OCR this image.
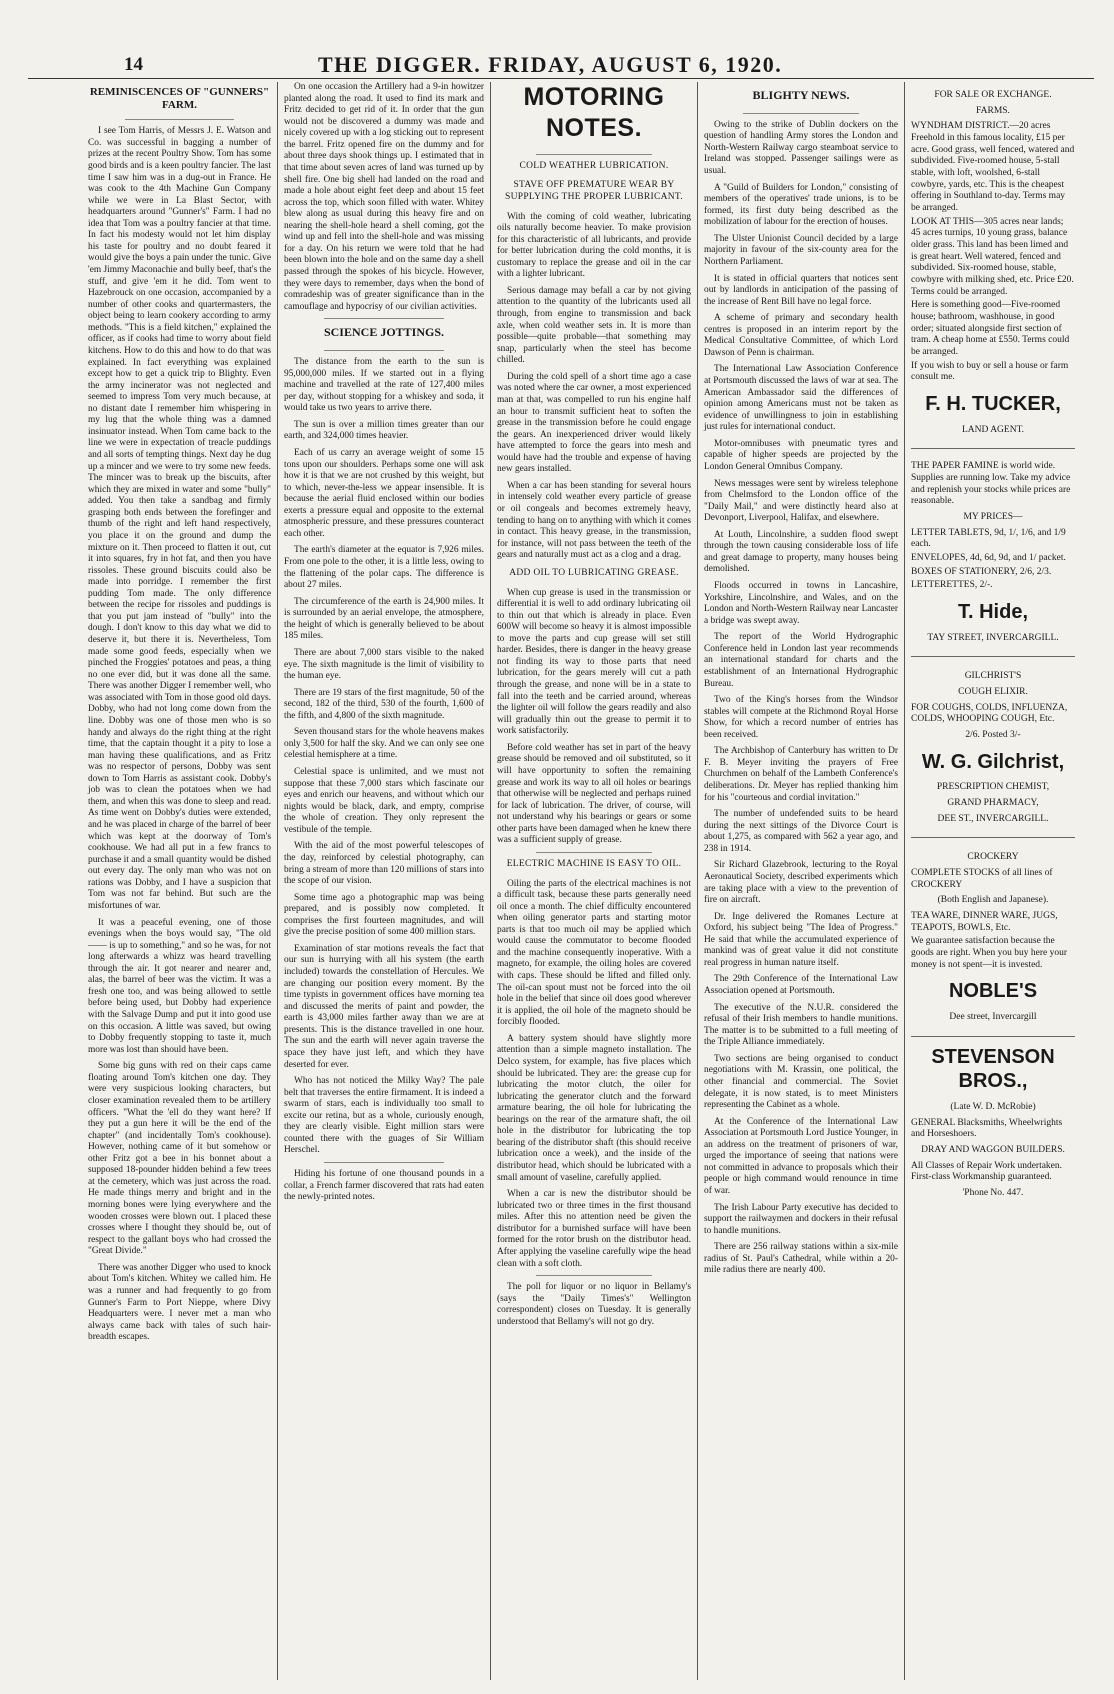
14	THE DIGGER. FRIDAY, AUGUST 6, 1920.
REMINISCENCES OF "GUNNERS" FARM.

I see Tom Harris, of Messrs J. E. Watson and Co. was successful in bagging a number of prizes at the recent Poultry Show. Tom has some good birds and is a keen poultry fancier. The last time I saw him was in a dug-out in France. He was cook to the 4th Machine Gun Company while we were in La Blast Sector, with headquarters around "Gunner's" Farm. I had no idea that Tom was a poultry fancier at that time. In fact his modesty would not let him display his taste for poultry and no doubt feared it would give the boys a pain under the tunic. Give 'em Jimmy Maconachie and bully beef, that's the stuff, and give 'em it he did. Tom went to Hazebrouck on one occasion, accompanied by a number of other cooks and quartermasters, the object being to learn cookery according to army methods. "This is a field kitchen," explained the officer, as if cooks had time to worry about field kitchens. How to do this and how to do that was explained. In fact everything was explained except how to get a quick trip to Blighty. Even the army incinerator was not neglected and seemed to impress Tom very much because, at no distant date I remember him whispering in my lug that the whole thing was a damned insinuator instead. When Tom came back to the line we were in expectation of treacle puddings and all sorts of tempting things. Next day he dug up a mincer and we were to try some new feeds. The mincer was to break up the biscuits, after which they are mixed in water and some "bully" added. You then take a sandbag and firmly grasping both ends between the forefinger and thumb of the right and left hand respectively, you place it on the ground and dump the mixture on it. Then proceed to flatten it out, cut it into squares, fry in hot fat, and then you have rissoles. These ground biscuits could also be made into porridge. I remember the first pudding Tom made. The only difference between the recipe for rissoles and puddings is that you put jam instead of "bully" into the dough. I don't know to this day what we did to deserve it, but there it is. Nevertheless, Tom made some good feeds, especially when we pinched the Froggies' potatoes and peas, a thing no one ever did, but it was done all the same. There was another Digger I remember well, who was associated with Tom in those good old days. Dobby, who had not long come down from the line. Dobby was one of those men who is so handy and always do the right thing at the right time, that the captain thought it a pity to lose a man having these qualifications, and as Fritz was no respector of persons, Dobby was sent down to Tom Harris as assistant cook. Dobby's job was to clean the potatoes when we had them, and when this was done to sleep and read. As time went on Dobby's duties were extended, and he was placed in charge of the barrel of beer which was kept at the doorway of Tom's cookhouse. We had all put in a few francs to purchase it and a small quantity would be dished out every day. The only man who was not on rations was Dobby, and I have a suspicion that Tom was not far behind. But such are the misfortunes of war.

It was a peaceful evening, one of those evenings when the boys would say, "The old —— is up to something," and so he was, for not long afterwards a whizz was heard travelling through the air. It got nearer and nearer and, alas, the barrel of beer was the victim. It was a fresh one too, and was being allowed to settle before being used, but Dobby had experience with the Salvage Dump and put it into good use on this occasion. A little was saved, but owing to Dobby frequently stopping to taste it, much more was lost than should have been.

Some big guns with red on their caps came floating around Tom's kitchen one day. They were very suspicious looking characters, but closer examination revealed them to be artillery officers. "What the 'ell do they want here? If they put a gun here it will be the end of the chapter" (and incidentally Tom's cookhouse). However, nothing came of it but somehow or other Fritz got a bee in his bonnet about a supposed 18-pounder hidden behind a few trees at the cemetery, which was just across the road. He made things merry and bright and in the morning bones were lying everywhere and the wooden crosses were blown out. I placed these crosses where I thought they should be, out of respect to the gallant boys who had crossed the "Great Divide."

There was another Digger who used to knock about Tom's kitchen. Whitey we called him. He was a runner and had frequently to go from Gunner's Farm to Port Nieppe, where Divy Headquarters were. I never met a man who always came back with tales of such hair-breadth escapes.

On one occasion the Artillery had a 9-in howitzer planted along the road. It used to find its mark and Fritz decided to get rid of it. In order that the gun would not be discovered a dummy was made and nicely covered up with a log sticking out to represent the barrel. Fritz opened fire on the dummy and for about three days shook things up. I estimated that in that time about seven acres of land was turned up by shell fire. One big shell had landed on the road and made a hole about eight feet deep and about 15 feet across the top, which soon filled with water. Whitey blew along as usual during this heavy fire and on nearing the shell-hole heard a shell coming, got the wind up and fell into the shell-hole and was missing for a day. On his return we were told that he had been blown into the hole and on the same day a shell passed through the spokes of his bicycle. However, they were days to remember, days when the bond of comradeship was of greater significance than in the camouflage and hypocrisy of our civilian activities.

SCIENCE JOTTINGS.

The distance from the earth to the sun is 95,000,000 miles. If we started out in a flying machine and travelled at the rate of 127,400 miles per day, without stopping for a whiskey and soda, it would take us two years to arrive there.

The sun is over a million times greater than our earth, and 324,000 times heavier.

Each of us carry an average weight of some 15 tons upon our shoulders. Perhaps some one will ask how it is that we are not crushed by this weight, but to which, never-the-less we appear insensible. It is because the aerial fluid enclosed within our bodies exerts a pressure equal and opposite to the external atmospheric pressure, and these pressures counteract each other.

The earth's diameter at the equator is 7,926 miles. From one pole to the other, it is a little less, owing to the flattening of the polar caps. The difference is about 27 miles.

The circumference of the earth is 24,900 miles. It is surrounded by an aerial envelope, the atmosphere, the height of which is generally believed to be about 185 miles.

There are about 7,000 stars visible to the naked eye. The sixth magnitude is the limit of visibility to the human eye.

There are 19 stars of the first magnitude, 50 of the second, 182 of the third, 530 of the fourth, 1,600 of the fifth, and 4,800 of the sixth magnitude.

Seven thousand stars for the whole heavens makes only 3,500 for half the sky. And we can only see one celestial hemisphere at a time.

Celestial space is unlimited, and we must not suppose that these 7,000 stars which fascinate our eyes and enrich our heavens, and without which our nights would be black, dark, and empty, comprise the whole of creation. They only represent the vestibule of the temple.

With the aid of the most powerful telescopes of the day, reinforced by celestial photography, can bring a stream of more than 120 millions of stars into the scope of our vision.

Some time ago a photographic map was being prepared, and is possibly now completed. It comprises the first fourteen magnitudes, and will give the precise position of some 400 million stars.

Examination of star motions reveals the fact that our sun is hurrying with all his system (the earth included) towards the constellation of Hercules. We are changing our position every moment. By the time typists in government offices have morning tea and discussed the merits of paint and powder, the earth is 43,000 miles farther away than we are at presents. This is the distance travelled in one hour. The sun and the earth will never again traverse the space they have just left, and which they have deserted for ever.

Who has not noticed the Milky Way? The pale belt that traverses the entire firmament. It is indeed a swarm of stars, each is individually too small to excite our retina, but as a whole, curiously enough, they are clearly visible. Eight million stars were counted there with the guages of Sir William Herschel.

Hiding his fortune of one thousand pounds in a collar, a French farmer discovered that rats had eaten the newly-printed notes.

MOTORING NOTES.
COLD WEATHER LUBRICATION.
STAVE OFF PREMATURE WEAR BY SUPPLYING THE PROPER LUBRICANT.

With the coming of cold weather, lubricating oils naturally become heavier. To make provision for this characteristic of all lubricants, and provide for better lubrication during the cold months, it is customary to replace the grease and oil in the car with a lighter lubricant.

Serious damage may befall a car by not giving attention to the quantity of the lubricants used all through, from engine to transmission and back axle, when cold weather sets in. It is more than possible—quite probable—that something may snap, particularly when the steel has become chilled.

During the cold spell of a short time ago a case was noted where the car owner, a most experienced man at that, was compelled to run his engine half an hour to transmit sufficient heat to soften the grease in the transmission before he could engage the gears. An inexperienced driver would likely have attempted to force the gears into mesh and would have had the trouble and expense of having new gears installed.

When a car has been standing for several hours in intensely cold weather every particle of grease or oil congeals and becomes extremely heavy, tending to hang on to anything with which it comes in contact. This heavy grease, in the transmission, for instance, will not pass between the teeth of the gears and naturally must act as a clog and a drag.

ADD OIL TO LUBRICATING GREASE.

When cup grease is used in the transmission or differential it is well to add ordinary lubricating oil to thin out that which is already in place. Even 600W will become so heavy it is almost impossible to move the parts and cup grease will set still harder. Besides, there is danger in the heavy grease not finding its way to those parts that need lubrication, for the gears merely will cut a path through the grease, and none will be in a state to fall into the teeth and be carried around, whereas the lighter oil will follow the gears readily and also will gradually thin out the grease to permit it to work satisfactorily.

Before cold weather has set in part of the heavy grease should be removed and oil substituted, so it will have opportunity to soften the remaining grease and work its way to all oil holes or bearings that otherwise will be neglected and perhaps ruined for lack of lubrication. The driver, of course, will not understand why his bearings or gears or some other parts have been damaged when he knew there was a sufficient supply of grease.

ELECTRIC MACHINE IS EASY TO OIL.

Oiling the parts of the electrical machines is not a difficult task, because these parts generally need oil once a month. The chief difficulty encountered when oiling generator parts and starting motor parts is that too much oil may be applied which would cause the commutator to become flooded and the machine consequently inoperative. With a magneto, for example, the oiling holes are covered with caps. These should be lifted and filled only. The oil-can spout must not be forced into the oil hole in the belief that since oil does good wherever it is applied, the oil hole of the magneto should be forcibly flooded.

A battery system should have slightly more attention than a simple magneto installation. The Delco system, for example, has five places which should be lubricated. They are: the grease cup for lubricating the motor clutch, the oiler for lubricating the generator clutch and the forward armature bearing, the oil hole for lubricating the bearings on the rear of the armature shaft, the oil hole in the distributor for lubricating the top bearing of the distributor shaft (this should receive lubrication once a week), and the inside of the distributor head, which should be lubricated with a small amount of vaseline, carefully applied.

When a car is new the distributor should be lubricated two or three times in the first thousand miles. After this no attention need be given the distributor for a burnished surface will have been formed for the rotor brush on the distributor head. After applying the vaseline carefully wipe the head clean with a soft cloth.

The poll for liquor or no liquor in Bellamy's (says the "Daily Times's" Wellington correspondent) closes on Tuesday. It is generally understood that Bellamy's will not go dry.

BLIGHTY NEWS.

Owing to the strike of Dublin dockers on the question of handling Army stores the London and North-Western Railway cargo steamboat service to Ireland was stopped. Passenger sailings were as usual.

A "Guild of Builders for London," consisting of members of the operatives' trade unions, is to be formed, its first duty being described as the mobilization of labour for the erection of houses.

The Ulster Unionist Council decided by a large majority in favour of the six-county area for the Northern Parliament.

It is stated in official quarters that notices sent out by landlords in anticipation of the passing of the increase of Rent Bill have no legal force.

A scheme of primary and secondary health centres is proposed in an interim report by the Medical Consultative Committee, of which Lord Dawson of Penn is chairman.

The International Law Association Conference at Portsmouth discussed the laws of war at sea. The American Ambassador said the differences of opinion among Americans must not be taken as evidence of unwillingness to join in establishing just rules for international conduct.

Motor-omnibuses with pneumatic tyres and capable of higher speeds are projected by the London General Omnibus Company.

News messages were sent by wireless telephone from Chelmsford to the London office of the "Daily Mail," and were distinctly heard also at Devonport, Liverpool, Halifax, and elsewhere.

At Louth, Lincolnshire, a sudden flood swept through the town causing considerable loss of life and great damage to property, many houses being demolished.

Floods occurred in towns in Lancashire, Yorkshire, Lincolnshire, and Wales, and on the London and North-Western Railway near Lancaster a bridge was swept away.

The report of the World Hydrographic Conference held in London last year recommends an international standard for charts and the establishment of an International Hydrographic Bureau.

Two of the King's horses from the Windsor stables will compete at the Richmond Royal Horse Show, for which a record number of entries has been received.

The Archbishop of Canterbury has written to Dr F. B. Meyer inviting the prayers of Free Churchmen on behalf of the Lambeth Conference's deliberations. Dr. Meyer has replied thanking him for his "courteous and cordial invitation."

The number of undefended suits to be heard during the next sittings of the Divorce Court is about 1,275, as compared with 562 a year ago, and 238 in 1914.

Sir Richard Glazebrook, lecturing to the Royal Aeronautical Society, described experiments which are taking place with a view to the prevention of fire on aircraft.

Dr. Inge delivered the Romanes Lecture at Oxford, his subject being "The Idea of Progress." He said that while the accumulated experience of mankind was of great value it did not constitute real progress in human nature itself.

The 29th Conference of the International Law Association opened at Portsmouth.

The executive of the N.U.R. considered the refusal of their Irish members to handle munitions. The matter is to be submitted to a full meeting of the Triple Alliance immediately.

Two sections are being organised to conduct negotiations with M. Krassin, one political, the other financial and commercial. The Soviet delegate, it is now stated, is to meet Ministers representing the Cabinet as a whole.

At the Conference of the International Law Association at Portsmouth Lord Justice Younger, in an address on the treatment of prisoners of war, urged the importance of seeing that nations were not committed in advance to proposals which their people or high command would renounce in time of war.

The Irish Labour Party executive has decided to support the railwaymen and dockers in their refusal to handle munitions.

There are 256 railway stations within a six-mile radius of St. Paul's Cathedral, while within a 20-mile radius there are nearly 400.

FOR SALE OR EXCHANGE.
FARMS.
WYNDHAM DISTRICT.—20 acres Freehold in this famous locality, £15 per acre. Good grass, well fenced, watered and subdivided. Five-roomed house, 5-stall stable, with loft, woolshed, 6-stall cowbyre, yards, etc. This is the cheapest offering in Southland to-day. Terms may be arranged.
LOOK AT THIS—305 acres near lands; 45 acres turnips, 10 young grass, balance older grass. This land has been limed and is great heart. Well watered, fenced and subdivided. Six-roomed house, stable, cowbyre with milking shed, etc. Price £20. Terms could be arranged.
Here is something good—Five-roomed house; bathroom, washhouse, in good order; situated alongside first section of tram. A cheap home at £550. Terms could be arranged.
If you wish to buy or sell a house or farm consult me.
F. H. TUCKER,
LAND AGENT.
THE PAPER FAMINE is world wide. Supplies are running low. Take my advice and replenish your stocks while prices are reasonable.
MY PRICES—
LETTER TABLETS, 9d, 1/, 1/6, and 1/9 each.
ENVELOPES, 4d, 6d, 9d, and 1/ packet.
BOXES OF STATIONERY, 2/6, 2/3.
LETTERETTES, 2/-.
T. Hide,
TAY STREET, INVERCARGILL.
GILCHRIST'S
COUGH ELIXIR.
FOR COUGHS, COLDS, INFLUENZA, COLDS, WHOOPING COUGH, Etc.
2/6. Posted 3/-
W. G. Gilchrist,
PRESCRIPTION CHEMIST,
GRAND PHARMACY,
DEE ST., INVERCARGILL.
CROCKERY
COMPLETE STOCKS of all lines of CROCKERY
(Both English and Japanese).
TEA WARE, DINNER WARE, JUGS, TEAPOTS, BOWLS, Etc.
We guarantee satisfaction because the goods are right. When you buy here your money is not spent—it is invested.
NOBLE'S
Dee street, Invercargill
STEVENSON BROS.,
(Late W. D. McRobie)
GENERAL Blacksmiths, Wheelwrights and Horseshoers.
DRAY AND WAGGON BUILDERS.
All Classes of Repair Work undertaken. First-class Workmanship guaranteed.
'Phone No. 447.
